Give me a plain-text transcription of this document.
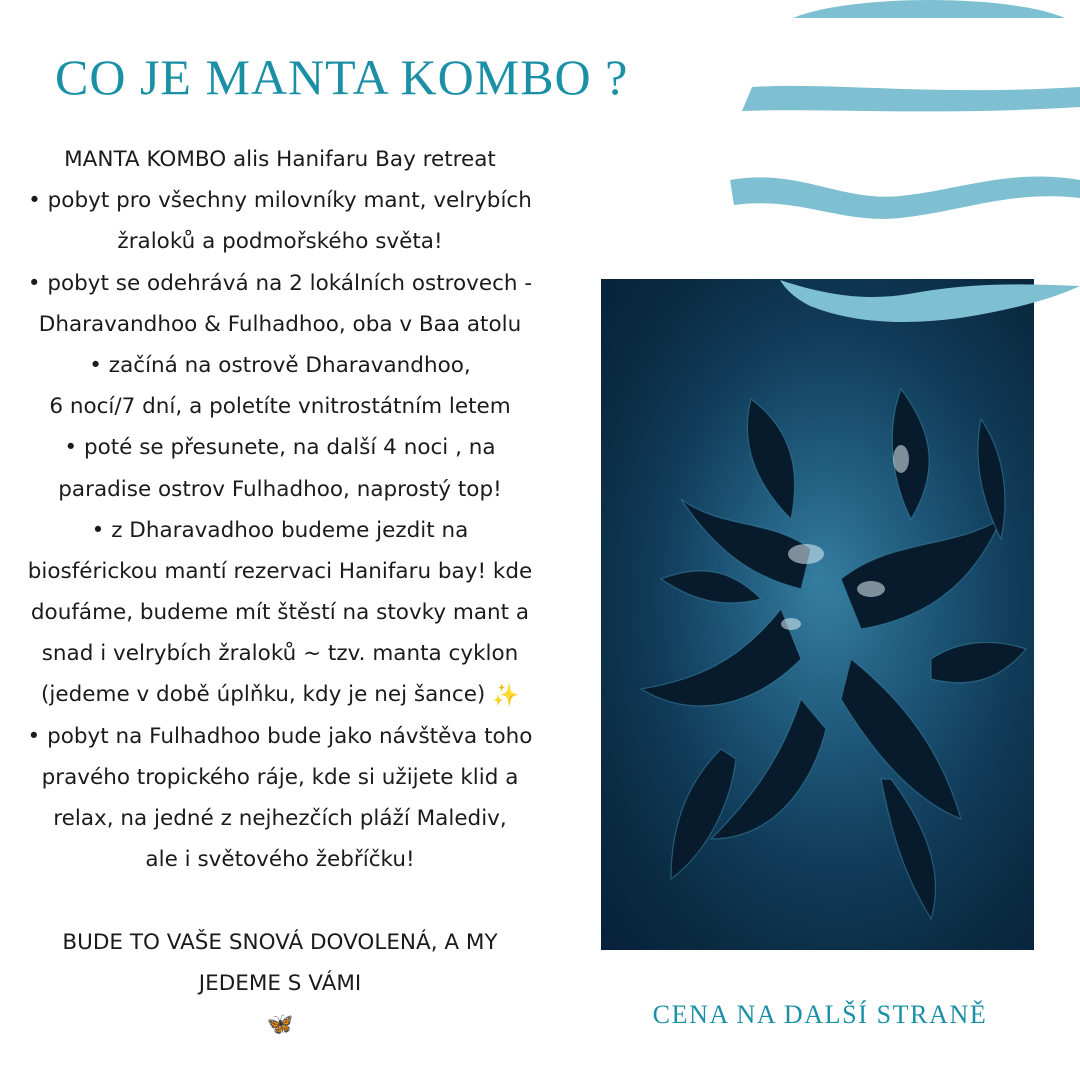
CO JE MANTA KOMBO ?
MANTA KOMBO alis Hanifaru Bay retreat
• pobyt pro všechny milovníky mant, velrybích
žraloků a podmořského světa!
• pobyt se odehrává na 2 lokálních ostrovech -
Dharavandhoo & Fulhadhoo, oba v Baa atolu
• začíná na ostrově Dharavandhoo,
6 nocí/7 dní, a poletíte vnitrostátním letem
• poté se přesunete, na další 4 noci , na
paradise ostrov Fulhadhoo, naprostý top!
• z Dharavadhoo budeme jezdit na
biosférickou mantí rezervaci Hanifaru bay! kde
doufáme, budeme mít štěstí na stovky mant a
snad i velrybích žraloků ~ tzv. manta cyklon
(jedeme v době úplňku, kdy je nej šance) ✨
• pobyt na Fulhadhoo bude jako návštěva toho
pravého tropického ráje, kde si užijete klid a
relax, na jedné z nejhezčích pláží Malediv,
ale i světového žebříčku!
BUDE TO VAŠE SNOVÁ DOVOLENÁ, A MY
JEDEME S VÁMI
🦋	CENA NA DALŠÍ STRANĚ
